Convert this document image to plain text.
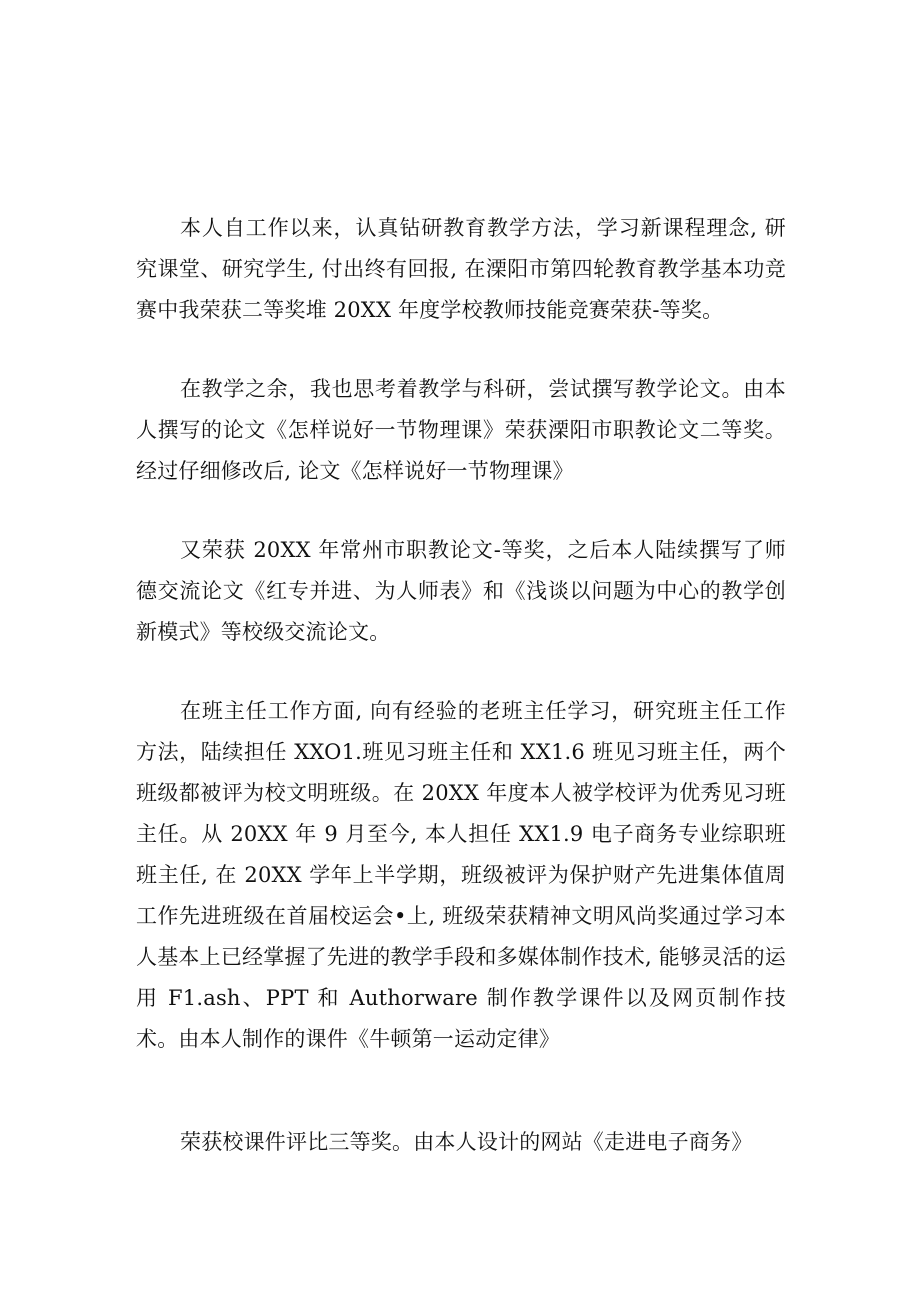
本人自工作以来，认真钻研教育教学方法，学习新课程理念, 研究课堂、研究学生, 付出终有回报, 在溧阳市第四轮教育教学基本功竞赛中我荣获二等奖堆 20XX 年度学校教师技能竞赛荣获-等奖。

在教学之余，我也思考着教学与科研，尝试撰写教学论文。由本人撰写的论文《怎样说好一节物理课》荣获溧阳市职教论文二等奖。经过仔细修改后, 论文《怎样说好一节物理课》

又荣获 20XX 年常州市职教论文-等奖，之后本人陆续撰写了师德交流论文《红专并进、为人师表》和《浅谈以问题为中心的教学创新模式》等校级交流论文。

在班主任工作方面, 向有经验的老班主任学习，研究班主任工作方法，陆续担任 XXO1.班见习班主任和 XX1.6 班见习班主任，两个班级都被评为校文明班级。在 20XX 年度本人被学校评为优秀见习班主任。从 20XX 年 9 月至今, 本人担任 XX1.9 电子商务专业综职班班主任, 在 20XX 学年上半学期，班级被评为保护财产先进集体值周工作先进班级在首届校运会•上, 班级荣获精神文明风尚奖通过学习本人基本上已经掌握了先进的教学手段和多媒体制作技术, 能够灵活的运用 F1.ash、PPT 和 Authorware 制作教学课件以及网页制作技术。由本人制作的课件《牛顿第一运动定律》

荣获校课件评比三等奖。由本人设计的网站《走进电子商务》
